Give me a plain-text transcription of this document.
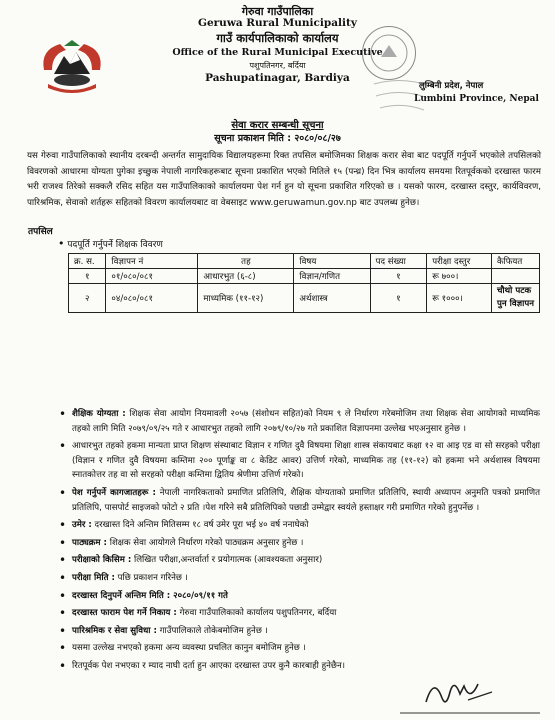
गेरुवा गाउँपालिका
Geruwa Rural Municipality
गाउँ कार्यपालिकाको कार्यालय
Office of the Rural Municipal Executive
पशुपतिनगर, बर्दिया
Pashupatinagar, Bardiya
लुम्बिनी प्रदेश, नेपाल
Lumbini Province, Nepal
सेवा करार सम्बन्धी सूचना
सूचना प्रकाशन मिति : २०८०/०८/२७
यस गेरुवा गाउँपालिकाको स्थानीय दरबन्दी अन्तर्गत सामुदायिक विद्यालयहरूमा रिक्त तपसिल बमोजिमका शिक्षक करार सेवा बाट पदपूर्ति गर्नुपर्ने भएकोले तपसिलको विवरणको आधारमा योग्यता पुगेका इच्छुक नेपाली नागरिकहरूबाट सूचना प्रकाशित भएको मितिले १५ (पन्ध्र) दिन भित्र कार्यालय समयमा रितपूर्वकको दरखास्त फारम भरी राजश्व तिरेको सक्कलै रसिद सहित यस गाउँपालिकाको कार्यालयमा पेश गर्न हुन यो सूचना प्रकाशित गरिएको छ । यसको फारम, दरखास्त दस्तुर, कार्यविवरण, पारिश्रमिक, सेवाको शर्तहरू सहितको विवरण कार्यालयबाट वा वेबसाइट www.geruwamun.gov.np बाट उपलब्ध हुनेछ।
तपसिल
• पदपूर्ति गर्नुपर्ने शिक्षक विवरण
क्र. स.	विज्ञापन नं	तह	विषय	पद संख्या	परीक्षा दस्तुर	कैफियत
१	०१/०८०/०८१	आधारभुत (६-८)	विज्ञान/गणित	१	रू ७००।	
२	०४/०८०/०८१	माध्यमिक (११-१२)	अर्थशास्त्र	१	रू १०००।	चौथो पटक
पुन विज्ञापन
• शैक्षिक योग्यता : शिक्षक सेवा आयोग नियमावली २०५७ (संशोधन सहित)को नियम ९ ले निर्धारण गरेबमोजिम तथा शिक्षक सेवा आयोगको माध्यमिक तहको लागि मिति २०७९/०९/२५ गते र आधारभुत तहको लागि २०७९/१०/२७ गते प्रकाशित विज्ञापनमा उल्लेख भएअनुसार हुनेछ ।
• आधारभुत तहको हकमा मान्यता प्राप्त शिक्षण संस्थाबाट विज्ञान र गणित दुवै विषयमा शिक्षा शास्त्र संकायबाट कक्षा १२ वा आइ एड वा सो सरहको परीक्षा (विज्ञान र गणित दुवै विषयमा कम्तिमा २०० पूर्णाङ्क वा ८ केडिट आवर) उत्तिर्ण गरेको, माध्यमिक तह (११-१२) को हकमा भने अर्थशास्त्र विषयमा स्नातकोत्तर तह वा सो सरहको परीक्षा कम्तिमा द्वितिय श्रेणीमा उत्तिर्ण गरेको।
• पेश गर्नुपर्ने कागजातहरू : नेपाली नागरिकताको प्रमाणित प्रतिलिपि, शैक्षिक योग्यताको प्रमाणित प्रतिलिपि, स्थायी अध्यापन अनुमति पत्रको प्रमाणित प्रतिलिपि, पासपोर्ट साइजको फोटो २ प्रति ।पेश गरिने सबै प्रतिलिपिको पछाडी उम्मेद्वार स्वयंले हस्ताक्षर गरी प्रमाणित गरेको हुनुपर्नेछ ।
• उमेर : दरखास्त दिने अन्तिम मितिसम्म १८ वर्ष उमेर पूरा भई ४० वर्ष ननाघेको
• पाठ्यक्रम : शिक्षक सेवा आयोगले निर्धारण गरेको पाठ्यक्रम अनुसार हुनेछ ।
• परीक्षाको किसिम : लिखित परीक्षा,अन्तर्वार्ता र प्रयोगात्मक (आवश्यकता अनुसार)
• परीक्षा मिति : पछि प्रकाशन गरिनेछ ।
• दरखास्त दिनुपर्ने अन्तिम मिति : २०८०/०९/११ गते
• दरखास्त फाराम पेश गर्ने निकाय : गेरुवा गाउँपालिकाको कार्यालय पशुपतिनगर, बर्दिया
• पारिश्रमिक र सेवा सुविधा : गाउँपालिकाले तोकेबमोजिम हुनेछ ।
• यसमा उल्लेख नभएको हकमा अन्य व्यवस्था प्रचलित कानुन बमोजिम हुनेछ ।
• रितपूर्वक पेश नभएका र म्याद नाघी दर्ता हुन आएका दरखास्त उपर कुनै कारबाही हुनेछैन।
